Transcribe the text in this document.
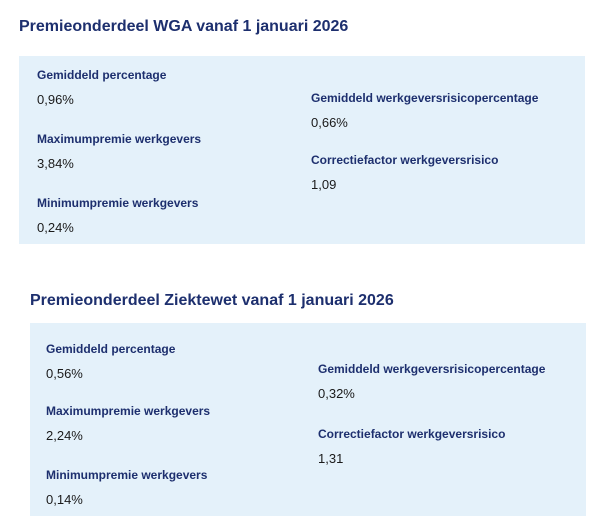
Premieonderdeel WGA vanaf 1 januari 2026
Gemiddeld percentage
0,96%
Maximumpremie werkgevers
3,84%
Minimumpremie werkgevers
0,24%
Gemiddeld werkgeversrisicopercentage
0,66%
Correctiefactor werkgeversrisico
1,09
Premieonderdeel Ziektewet vanaf 1 januari 2026
Gemiddeld percentage
0,56%
Maximumpremie werkgevers
2,24%
Minimumpremie werkgevers
0,14%
Gemiddeld werkgeversrisicopercentage
0,32%
Correctiefactor werkgeversrisico
1,31
